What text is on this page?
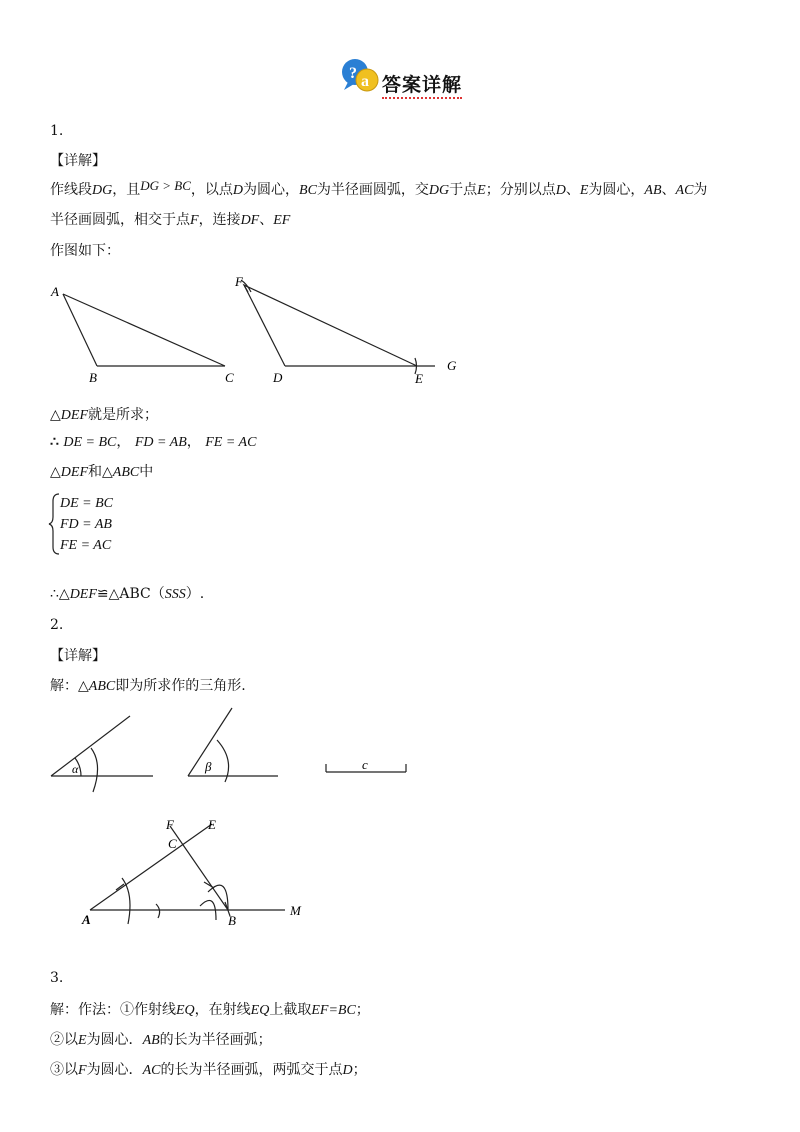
? a 答案详解
1.
【详解】
作线段DG，且DG > BC，以点D为圆心，BC为半径画圆弧，交DG于点E；分别以点D、E为圆心，AB、AC为
半径画圆弧，相交于点F，连接DF、EF
作图如下：
A
B	C
F
D	E
G
△DEF就是所求；
∴ DE = BC， FD = AB， FE = AC
△DEF和△ABC中
DE = BC
FD = AB
FE = AC
∴△DEF≌△ABC（SSS）.
2.
【详解】
解：△ABC即为所求作的三角形.
α	β	c
F	E
C
A	B
M
3.
解：作法：①作射线EQ，在射线EQ上截取EF=BC；
②以E为圆心．AB的长为半径画弧；
③以F为圆心．AC的长为半径画弧，两弧交于点D；
